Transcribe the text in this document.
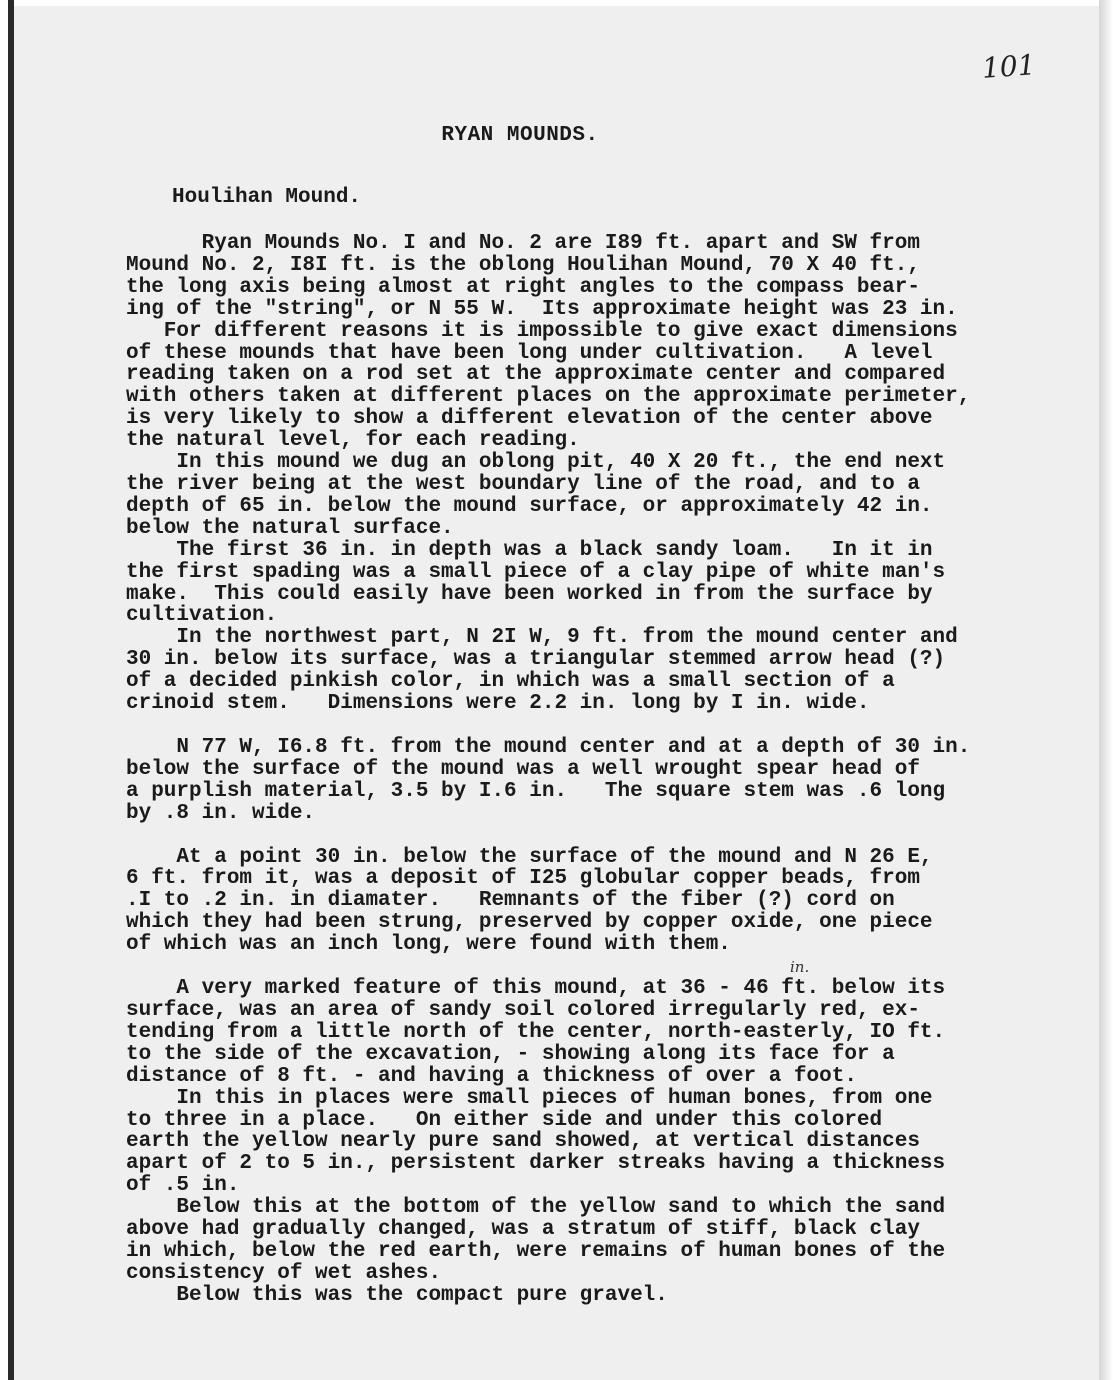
101
RYAN MOUNDS.
Houlihan Mound.
in.
Ryan Mounds No. I and No. 2 are I89 ft. apart and SW from
Mound No. 2, I8I ft. is the oblong Houlihan Mound, 70 X 40 ft.,
the long axis being almost at right angles to the compass bear-
ing of the "string", or N 55 W.  Its approximate height was 23 in.
For different reasons it is impossible to give exact dimensions
of these mounds that have been long under cultivation.   A level
reading taken on a rod set at the approximate center and compared
with others taken at different places on the approximate perimeter,
is very likely to show a different elevation of the center above
the natural level, for each reading.
In this mound we dug an oblong pit, 40 X 20 ft., the end next
the river being at the west boundary line of the road, and to a
depth of 65 in. below the mound surface, or approximately 42 in.
below the natural surface.
The first 36 in. in depth was a black sandy loam.   In it in
the first spading was a small piece of a clay pipe of white man's
make.  This could easily have been worked in from the surface by
cultivation.
In the northwest part, N 2I W, 9 ft. from the mound center and
30 in. below its surface, was a triangular stemmed arrow head (?)
of a decided pinkish color, in which was a small section of a
crinoid stem.   Dimensions were 2.2 in. long by I in. wide.
N 77 W, I6.8 ft. from the mound center and at a depth of 30 in.
below the surface of the mound was a well wrought spear head of
a purplish material, 3.5 by I.6 in.   The square stem was .6 long
by .8 in. wide.
At a point 30 in. below the surface of the mound and N 26 E,
6 ft. from it, was a deposit of I25 globular copper beads, from
.I to .2 in. in diamater.   Remnants of the fiber (?) cord on
which they had been strung, preserved by copper oxide, one piece
of which was an inch long, were found with them.
A very marked feature of this mound, at 36 - 46 ft. below its
surface, was an area of sandy soil colored irregularly red, ex-
tending from a little north of the center, north-easterly, IO ft.
to the side of the excavation, - showing along its face for a
distance of 8 ft. - and having a thickness of over a foot.
In this in places were small pieces of human bones, from one
to three in a place.   On either side and under this colored
earth the yellow nearly pure sand showed, at vertical distances
apart of 2 to 5 in., persistent darker streaks having a thickness
of .5 in.
Below this at the bottom of the yellow sand to which the sand
above had gradually changed, was a stratum of stiff, black clay
in which, below the red earth, were remains of human bones of the
consistency of wet ashes.
Below this was the compact pure gravel.
